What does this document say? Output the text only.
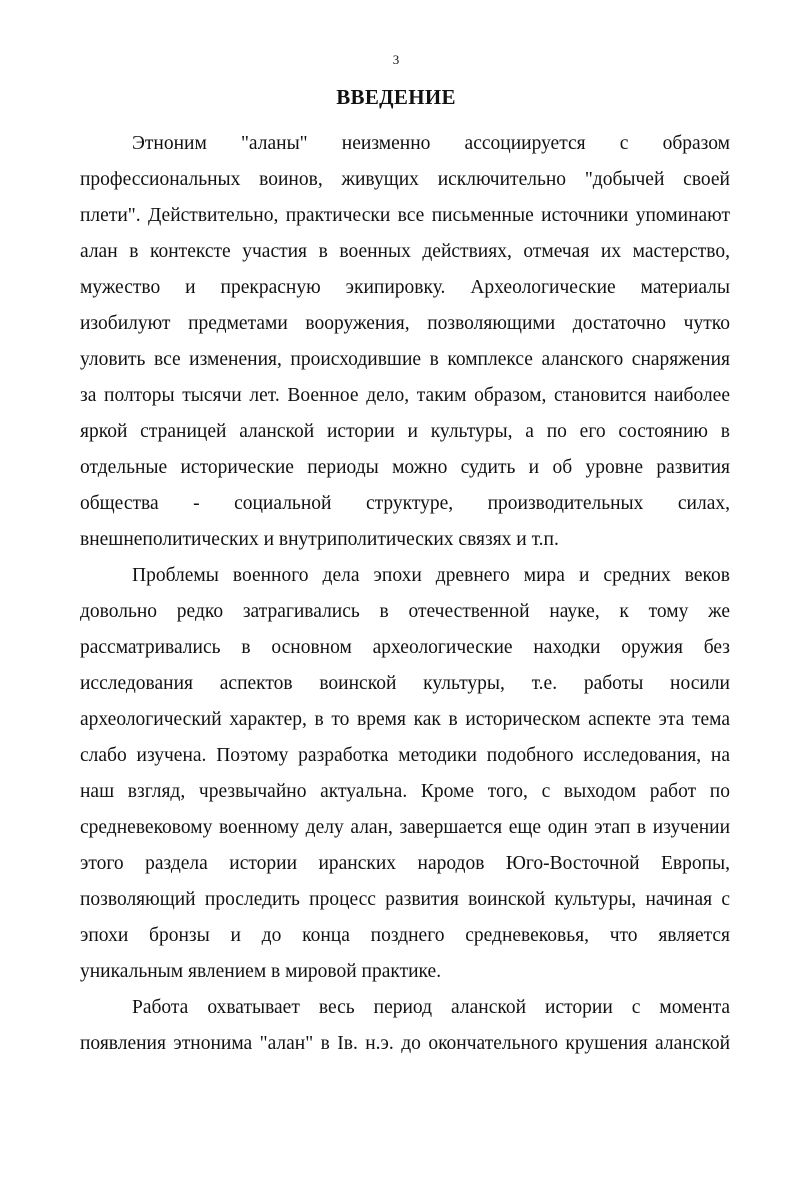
3
ВВЕДЕНИЕ
Этноним "аланы" неизменно ассоциируется с образом
профессиональных воинов, живущих исключительно "добычей своей
плети". Действительно, практически все письменные источники упоминают
алан в контексте участия в военных действиях, отмечая их мастерство,
мужество и прекрасную экипировку. Археологические материалы
изобилуют предметами вооружения, позволяющими достаточно чутко
уловить все изменения, происходившие в комплексе аланского снаряжения
за полторы тысячи лет. Военное дело, таким образом, становится наиболее
яркой страницей аланской истории и культуры, а по его состоянию в
отдельные исторические периоды можно судить и об уровне развития
общества - социальной структуре, производительных силах,
внешнеполитических и внутриполитических связях и т.п.
Проблемы военного дела эпохи древнего мира и средних веков
довольно редко затрагивались в отечественной науке, к тому же
рассматривались в основном археологические находки оружия без
исследования аспектов воинской культуры, т.е. работы носили
археологический характер, в то время как в историческом аспекте эта тема
слабо изучена. Поэтому разработка методики подобного исследования, на
наш взгляд, чрезвычайно актуальна. Кроме того, с выходом работ по
средневековому военному делу алан, завершается еще один этап в изучении
этого раздела истории иранских народов Юго-Восточной Европы,
позволяющий проследить процесс развития воинской культуры, начиная с
эпохи бронзы и до конца позднего средневековья, что является
уникальным явлением в мировой практике.
Работа охватывает весь период аланской истории с момента
появления этнонима "алан" в Iв. н.э. до окончательного крушения аланской
